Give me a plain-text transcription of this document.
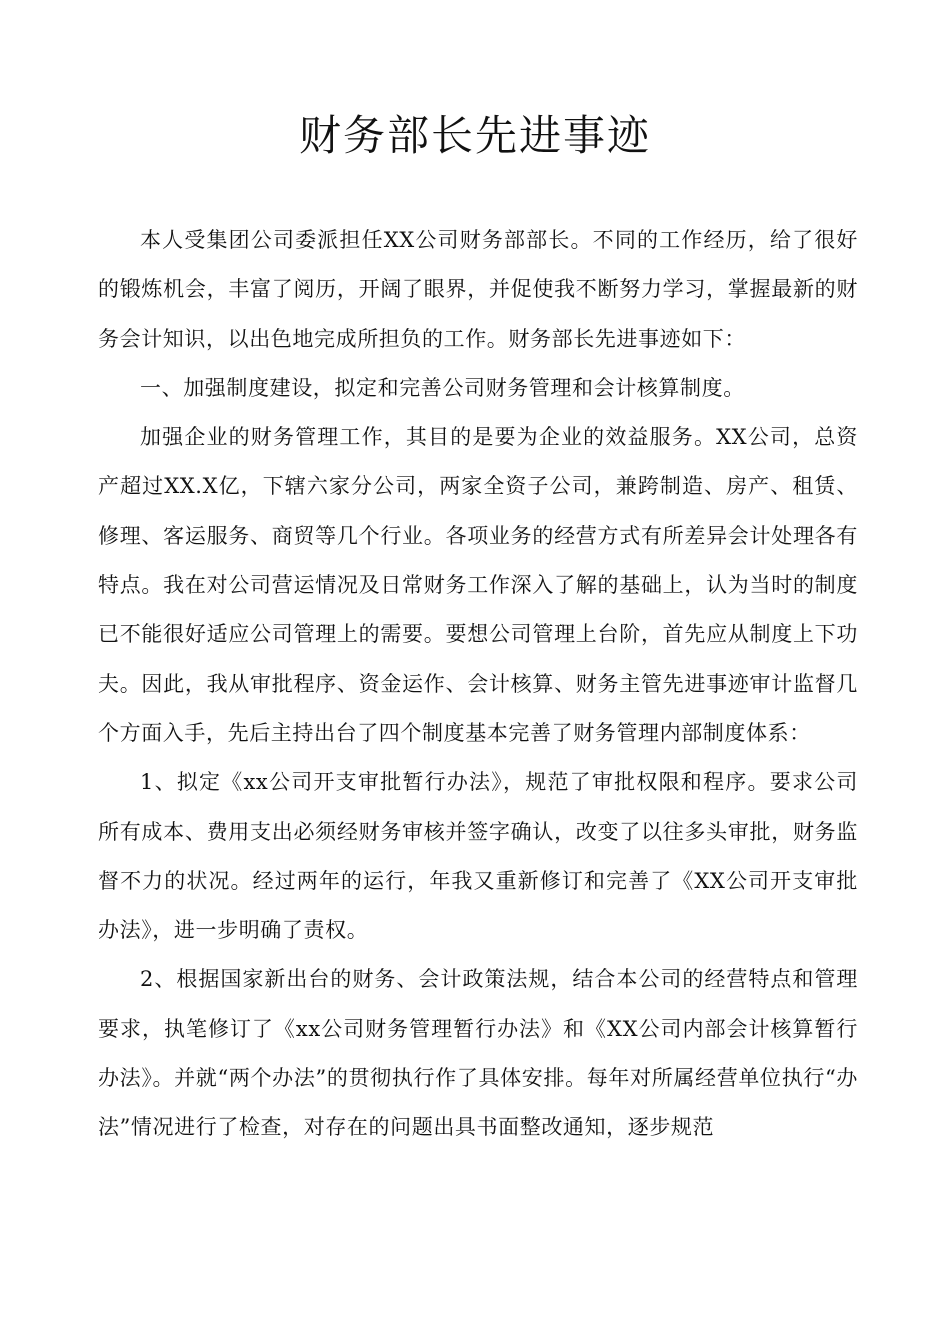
财务部长先进事迹

本人受集团公司委派担任XX公司财务部部长。不同的工作经历，给了很好的锻炼机会，丰富了阅历，开阔了眼界，并促使我不断努力学习，掌握最新的财务会计知识，以出色地完成所担负的工作。财务部长先进事迹如下：

一、加强制度建设，拟定和完善公司财务管理和会计核算制度。

加强企业的财务管理工作，其目的是要为企业的效益服务。XX公司，总资产超过XX.X亿，下辖六家分公司，两家全资子公司，兼跨制造、房产、租赁、修理、客运服务、商贸等几个行业。各项业务的经营方式有所差异会计处理各有特点。我在对公司营运情况及日常财务工作深入了解的基础上，认为当时的制度已不能很好适应公司管理上的需要。要想公司管理上台阶，首先应从制度上下功夫。因此，我从审批程序、资金运作、会计核算、财务主管先进事迹审计监督几个方面入手，先后主持出台了四个制度基本完善了财务管理内部制度体系：

1、拟定《xx公司开支审批暂行办法》，规范了审批权限和程序。要求公司所有成本、费用支出必须经财务审核并签字确认，改变了以往多头审批，财务监督不力的状况。经过两年的运行，年我又重新修订和完善了《XX公司开支审批办法》，进一步明确了责权。

2、根据国家新出台的财务、会计政策法规，结合本公司的经营特点和管理要求，执笔修订了《xx公司财务管理暂行办法》和《XX公司内部会计核算暂行办法》。并就“两个办法”的贯彻执行作了具体安排。每年对所属经营单位执行“办法”情况进行了检查，对存在的问题出具书面整改通知，逐步规范
